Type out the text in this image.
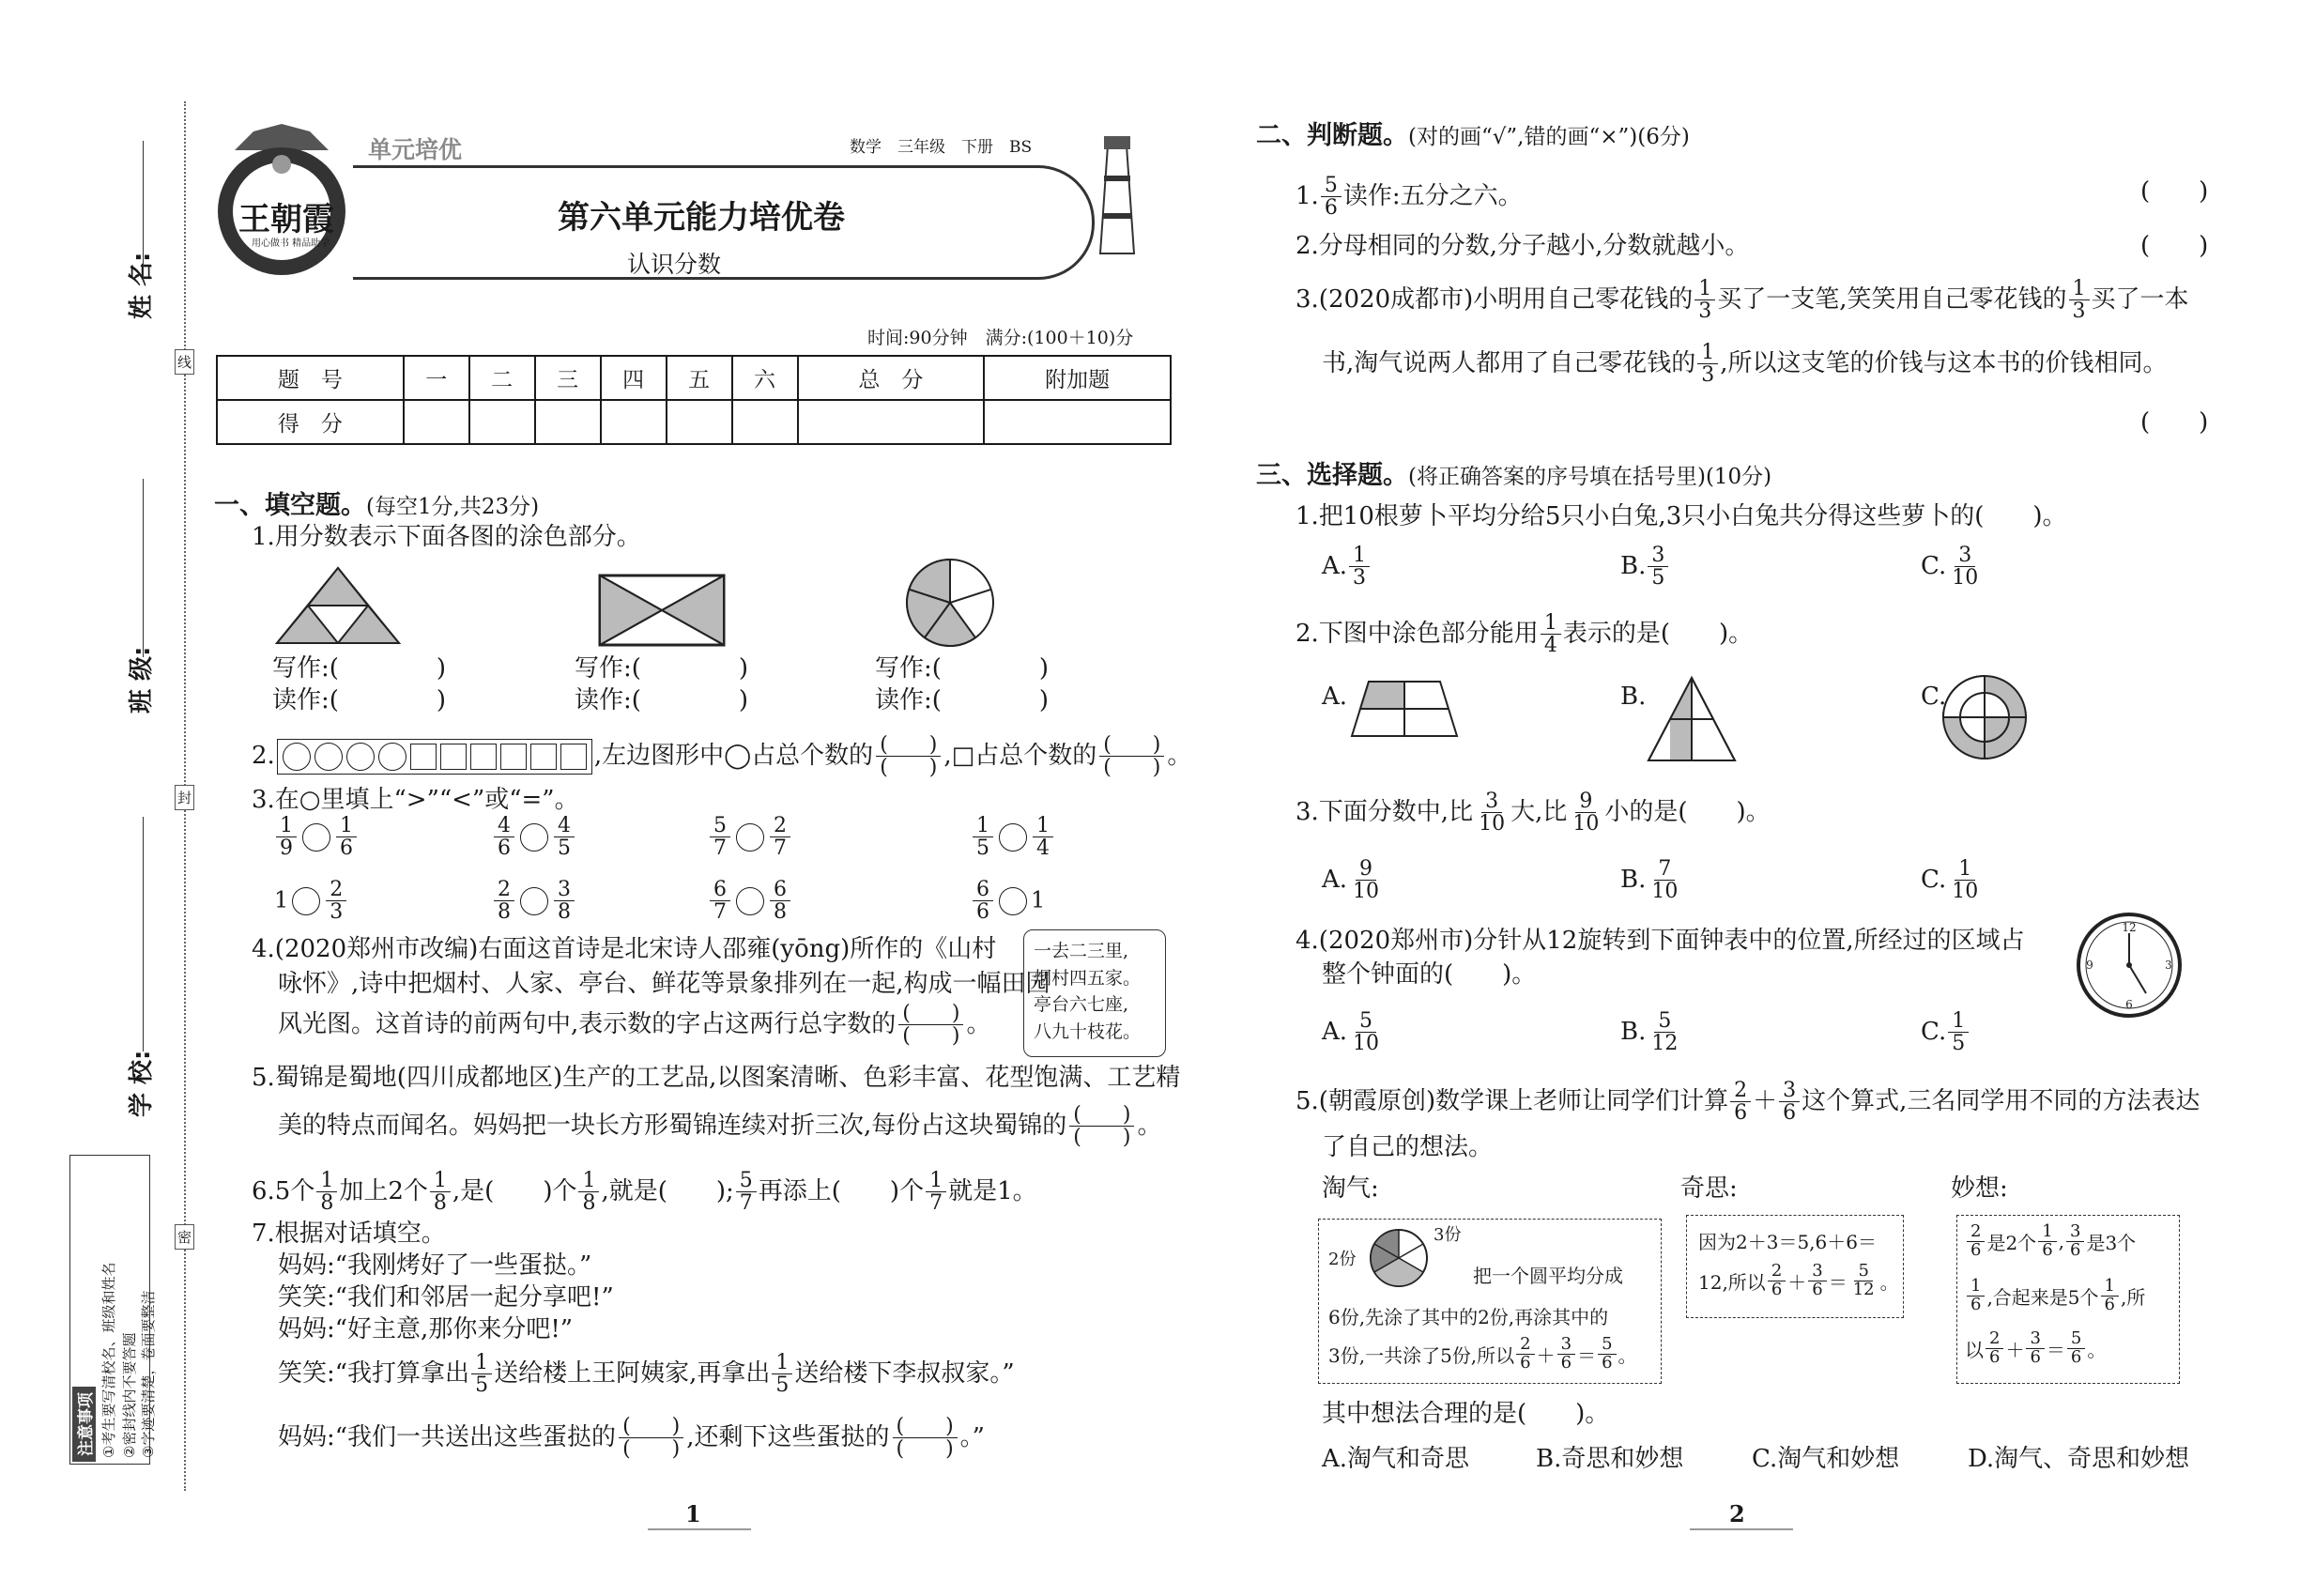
姓 名:
班 级:
学 校:
线
封
密
注意事项 ①考生要写清校名、班级和姓名 ②密封线内不要答题 ③字迹要清楚，卷面要整洁
王朝霞
用心做书 精品助学
单元培优	数学　三年级　下册　BS
第六单元能力培优卷
认识分数
时间:90分钟　满分:(100＋10)分
题　号	一	二	三	四	五	六	总　分	附加题
得　分								
一、填空题。(每空1分,共23分)
1.用分数表示下面各图的涂色部分。
写作:(　　　　)
读作:(　　　　)
写作:(　　　　)
读作:(　　　　)
写作:(　　　　)
读作:(　　　　)
2.	,左边图形中◯占总个数的 (　　)
(　　) ,□占总个数的 (　　)
(　　) 。
3.在○里填上“>”“<”或“=”。
$\frac{1}{9} \frac{1}{6}$	$\frac{4}{6} \frac{4}{5}$	$\frac{5}{7} \frac{2}{7}$	$\frac{1}{5} \frac{1}{4}$
$1 \frac{2}{3}$	$\frac{2}{8} \frac{3}{8}$	$\frac{6}{7} \frac{6}{8}$	$\frac{6}{6} 1$
4.(2020郑州市改编)右面这首诗是北宋诗人邵雍(yōng)所作的《山村
咏怀》,诗中把烟村、人家、亭台、鲜花等景象排列在一起,构成一幅田园
风光图。这首诗的前两句中,表示数的字占这两行总字数的 (　　)
(　　) 。
一去二三里,
烟村四五家。
亭台六七座,
八九十枝花。
5.蜀锦是蜀地(四川成都地区)生产的工艺品,以图案清晰、色彩丰富、花型饱满、工艺精
美的特点而闻名。妈妈把一块长方形蜀锦连续对折三次,每份占这块蜀锦的 (　　)
(　　) 。
6.5个 1
8 加上2个 1
8 ,是(　　)个 1
8 ,就是(　　); 5
7 再添上(　　)个 1
7 就是1。
7.根据对话填空。
妈妈:“我刚烤好了一些蛋挞。”
笑笑:“我们和邻居一起分享吧!”
妈妈:“好主意,那你来分吧!”
笑笑:“我打算拿出 1
5 送给楼上王阿姨家,再拿出 1
5 送给楼下李叔叔家。”
妈妈:“我们一共送出这些蛋挞的 (　　)
(　　) ,还剩下这些蛋挞的 (　　)
(　　) 。”
1
二、判断题。(对的画“√”,错的画“×”)(6分)
1. 5
6 读作:五分之六。	(　　)
2.分母相同的分数,分子越小,分数就越小。	(　　)
3.(2020成都市)小明用自己零花钱的 1
3 买了一支笔,笑笑用自己零花钱的 1
3 买了一本
书,淘气说两人都用了自己零花钱的 1
3 ,所以这支笔的价钱与这本书的价钱相同。
(　　)
三、选择题。(将正确答案的序号填在括号里)(10分)
1.把10根萝卜平均分给5只小白兔,3只小白兔共分得这些萝卜的(　　)。
A. 1
3	B. 3
5	C. 3
10
2.下图中涂色部分能用 1
4 表示的是(　　)。
A.	B.	C.
3.下面分数中,比 3
10 大,比 9
10 小的是(　　)。
A. 9
10	B. 7
10	C. 1
10
4.(2020郑州市)分针从12旋转到下面钟表中的位置,所经过的区域占
整个钟面的(　　)。
12
3
6
9
A. 5
10	B. 5
12	C. 1
5
5.(朝霞原创)数学课上老师让同学们计算 2
6 ＋ 3
6 这个算式,三名同学用不同的方法表达
了自己的想法。
淘气:	奇思:	妙想:
2份
3份
把一个圆平均分成
6份,先涂了其中的2份,再涂其中的
3份,一共涂了5份,所以
2
6 ＋
3
6 ＝
5
6 。
因为2＋3＝5,6＋6＝
12,所以
2
6 ＋
3
6 ＝
5
12 。
2
6 是2个
1
6 , 3
6 是3个
1
6 ,合起来是5个
1
6 ,所
以
2
6 ＋
3
6 ＝
5
6 。
其中想法合理的是(　　)。
A.淘气和奇思	B.奇思和妙想	C.淘气和妙想	D.淘气、奇思和妙想
2
